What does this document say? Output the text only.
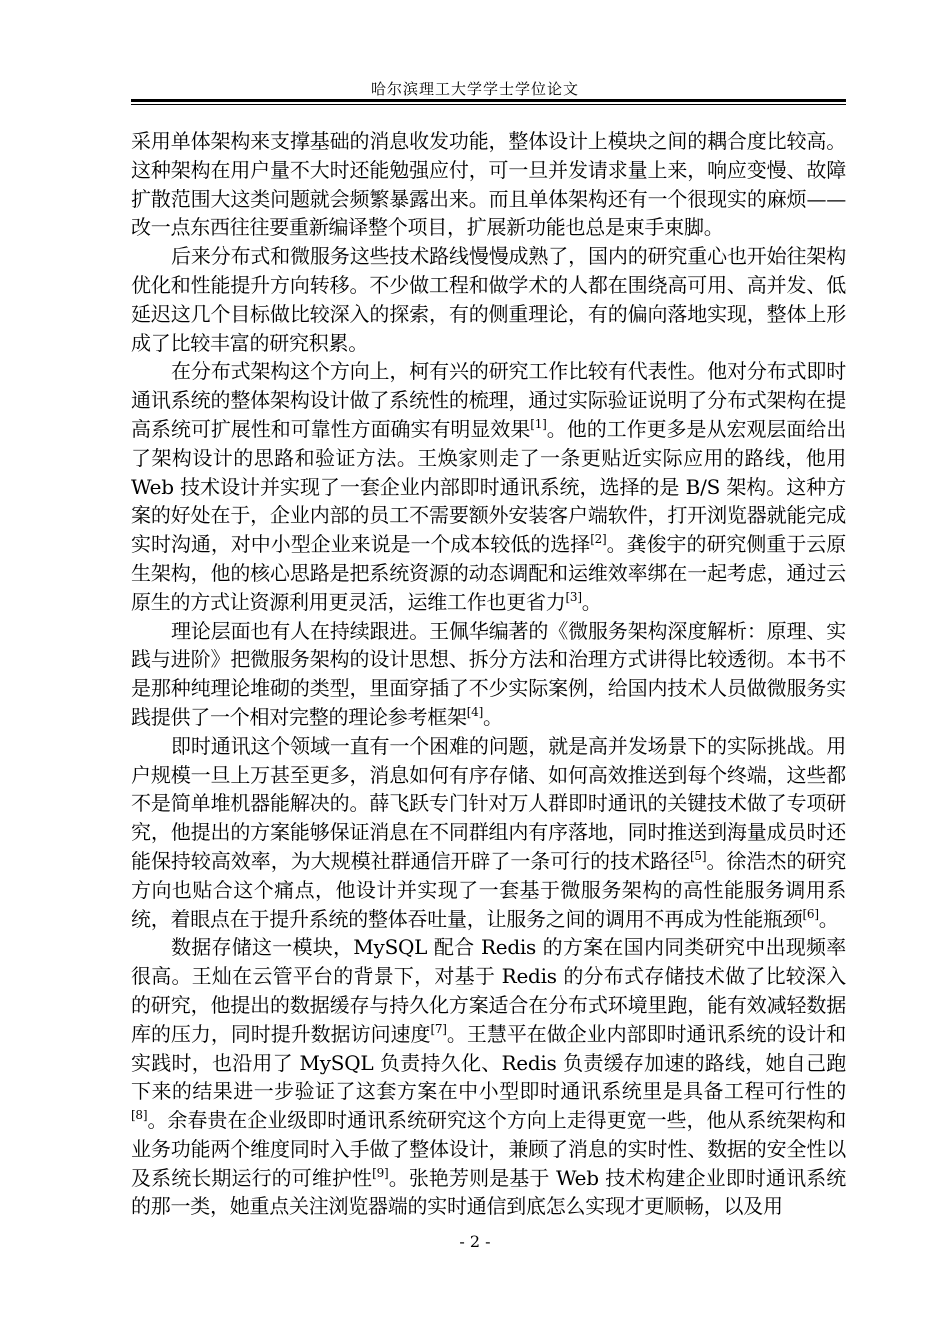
哈尔滨理工大学学士学位论文

采用单体架构来支撑基础的消息收发功能，整体设计上模块之间的耦合度比较高。这种架构在用户量不大时还能勉强应付，可一旦并发请求量上来，响应变慢、故障扩散范围大这类问题就会频繁暴露出来。而且单体架构还有一个很现实的麻烦——改一点东西往往要重新编译整个项目，扩展新功能也总是束手束脚。

后来分布式和微服务这些技术路线慢慢成熟了，国内的研究重心也开始往架构优化和性能提升方向转移。不少做工程和做学术的人都在围绕高可用、高并发、低延迟这几个目标做比较深入的探索，有的侧重理论，有的偏向落地实现，整体上形成了比较丰富的研究积累。

在分布式架构这个方向上，柯有兴的研究工作比较有代表性。他对分布式即时通讯系统的整体架构设计做了系统性的梳理，通过实际验证说明了分布式架构在提高系统可扩展性和可靠性方面确实有明显效果[1]。他的工作更多是从宏观层面给出了架构设计的思路和验证方法。王焕家则走了一条更贴近实际应用的路线，他用 Web 技术设计并实现了一套企业内部即时通讯系统，选择的是 B/S 架构。这种方案的好处在于，企业内部的员工不需要额外安装客户端软件，打开浏览器就能完成实时沟通，对中小型企业来说是一个成本较低的选择[2]。龚俊宇的研究侧重于云原生架构，他的核心思路是把系统资源的动态调配和运维效率绑在一起考虑，通过云原生的方式让资源利用更灵活，运维工作也更省力[3]。

理论层面也有人在持续跟进。王佩华编著的《微服务架构深度解析：原理、实践与进阶》把微服务架构的设计思想、拆分方法和治理方式讲得比较透彻。本书不是那种纯理论堆砌的类型，里面穿插了不少实际案例，给国内技术人员做微服务实践提供了一个相对完整的理论参考框架[4]。

即时通讯这个领域一直有一个困难的问题，就是高并发场景下的实际挑战。用户规模一旦上万甚至更多，消息如何有序存储、如何高效推送到每个终端，这些都不是简单堆机器能解决的。薛飞跃专门针对万人群即时通讯的关键技术做了专项研究，他提出的方案能够保证消息在不同群组内有序落地，同时推送到海量成员时还能保持较高效率，为大规模社群通信开辟了一条可行的技术路径[5]。徐浩杰的研究方向也贴合这个痛点，他设计并实现了一套基于微服务架构的高性能服务调用系统，着眼点在于提升系统的整体吞吐量，让服务之间的调用不再成为性能瓶颈[6]。

数据存储这一模块，MySQL 配合 Redis 的方案在国内同类研究中出现频率很高。王灿在云管平台的背景下，对基于 Redis 的分布式存储技术做了比较深入的研究，他提出的数据缓存与持久化方案适合在分布式环境里跑，能有效减轻数据库的压力，同时提升数据访问速度[7]。王慧平在做企业内部即时通讯系统的设计和实践时，也沿用了 MySQL 负责持久化、Redis 负责缓存加速的路线，她自己跑下来的结果进一步验证了这套方案在中小型即时通讯系统里是具备工程可行性的[8]。余春贵在企业级即时通讯系统研究这个方向上走得更宽一些，他从系统架构和业务功能两个维度同时入手做了整体设计，兼顾了消息的实时性、数据的安全性以及系统长期运行的可维护性[9]。张艳芳则是基于 Web 技术构建企业即时通讯系统的那一类，她重点关注浏览器端的实时通信到底怎么实现才更顺畅，以及用

- 2 -
